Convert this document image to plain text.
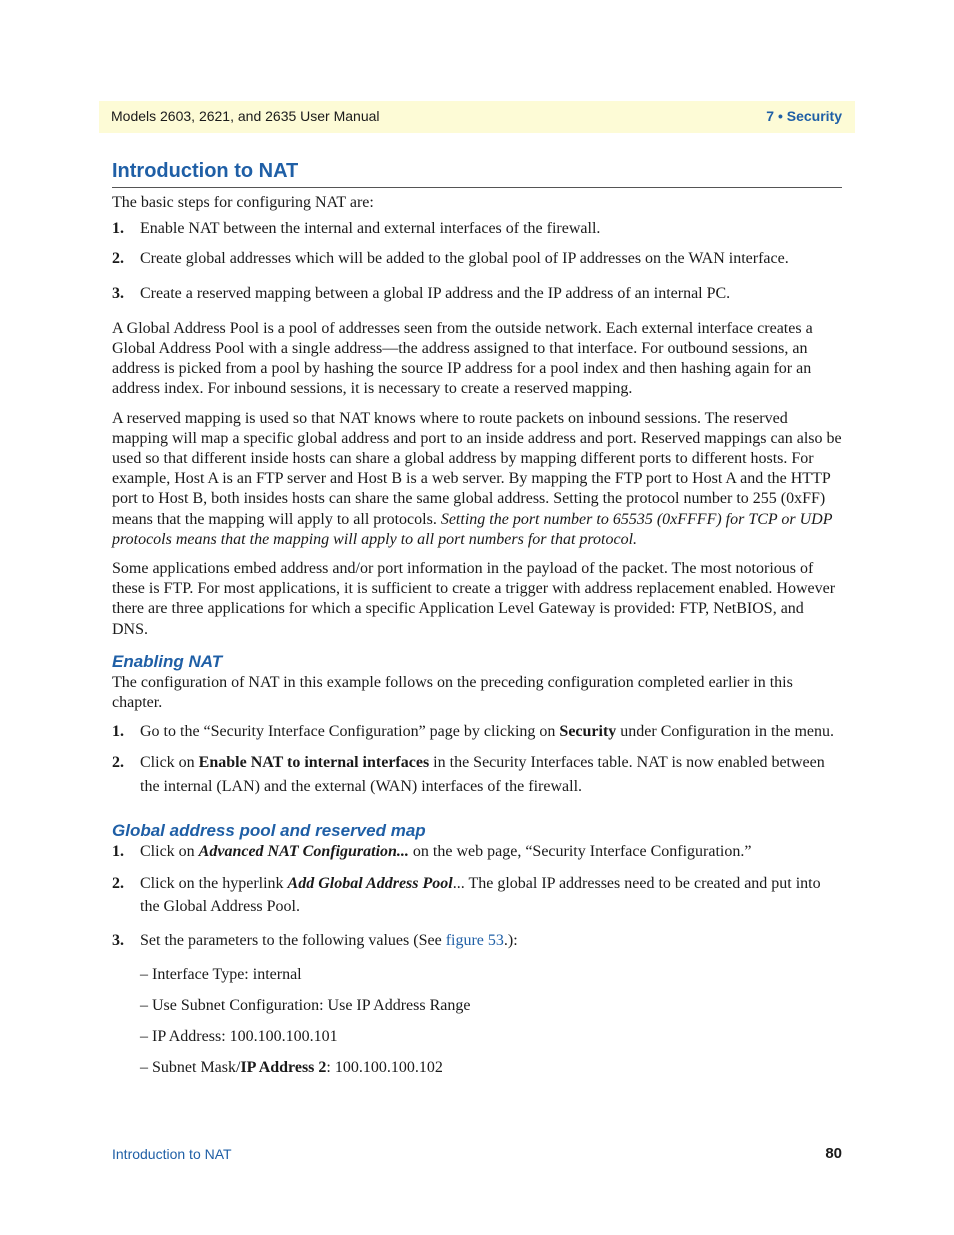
Models 2603, 2621, and 2635 User Manual	7 • Security
Introduction to NAT

The basic steps for configuring NAT are:

1. Enable NAT between the internal and external interfaces of the firewall.
2. Create global addresses which will be added to the global pool of IP addresses on the WAN interface.
3. Create a reserved mapping between a global IP address and the IP address of an internal PC.

A Global Address Pool is a pool of addresses seen from the outside network. Each external interface creates a Global Address Pool with a single address—the address assigned to that interface. For outbound sessions, an address is picked from a pool by hashing the source IP address for a pool index and then hashing again for an address index. For inbound sessions, it is necessary to create a reserved mapping.

A reserved mapping is used so that NAT knows where to route packets on inbound sessions. The reserved mapping will map a specific global address and port to an inside address and port. Reserved mappings can also be used so that different inside hosts can share a global address by mapping different ports to different hosts. For example, Host A is an FTP server and Host B is a web server. By mapping the FTP port to Host A and the HTTP port to Host B, both insides hosts can share the same global address. Setting the protocol number to 255 (0xFF) means that the mapping will apply to all protocols. Setting the port number to 65535 (0xFFFF) for TCP or UDP protocols means that the mapping will apply to all port numbers for that protocol.

Some applications embed address and/or port information in the payload of the packet. The most notorious of these is FTP. For most applications, it is sufficient to create a trigger with address replacement enabled. However there are three applications for which a specific Application Level Gateway is provided: FTP, NetBIOS, and DNS.

Enabling NAT

The configuration of NAT in this example follows on the preceding configuration completed earlier in this chapter.

1. Go to the “Security Interface Configuration” page by clicking on Security under Configuration in the menu.
2. Click on Enable NAT to internal interfaces in the Security Interfaces table. NAT is now enabled between the internal (LAN) and the external (WAN) interfaces of the firewall.
Global address pool and reserved map
1. Click on Advanced NAT Configuration... on the web page, “Security Interface Configuration.”
2. Click on the hyperlink Add Global Address Pool... The global IP addresses need to be created and put into the Global Address Pool.
3. Set the parameters to the following values (See figure 53.):
– Interface Type: internal
– Use Subnet Configuration: Use IP Address Range
– IP Address: 100.100.100.101
– Subnet Mask/IP Address 2: 100.100.100.102
Introduction to NAT	80
